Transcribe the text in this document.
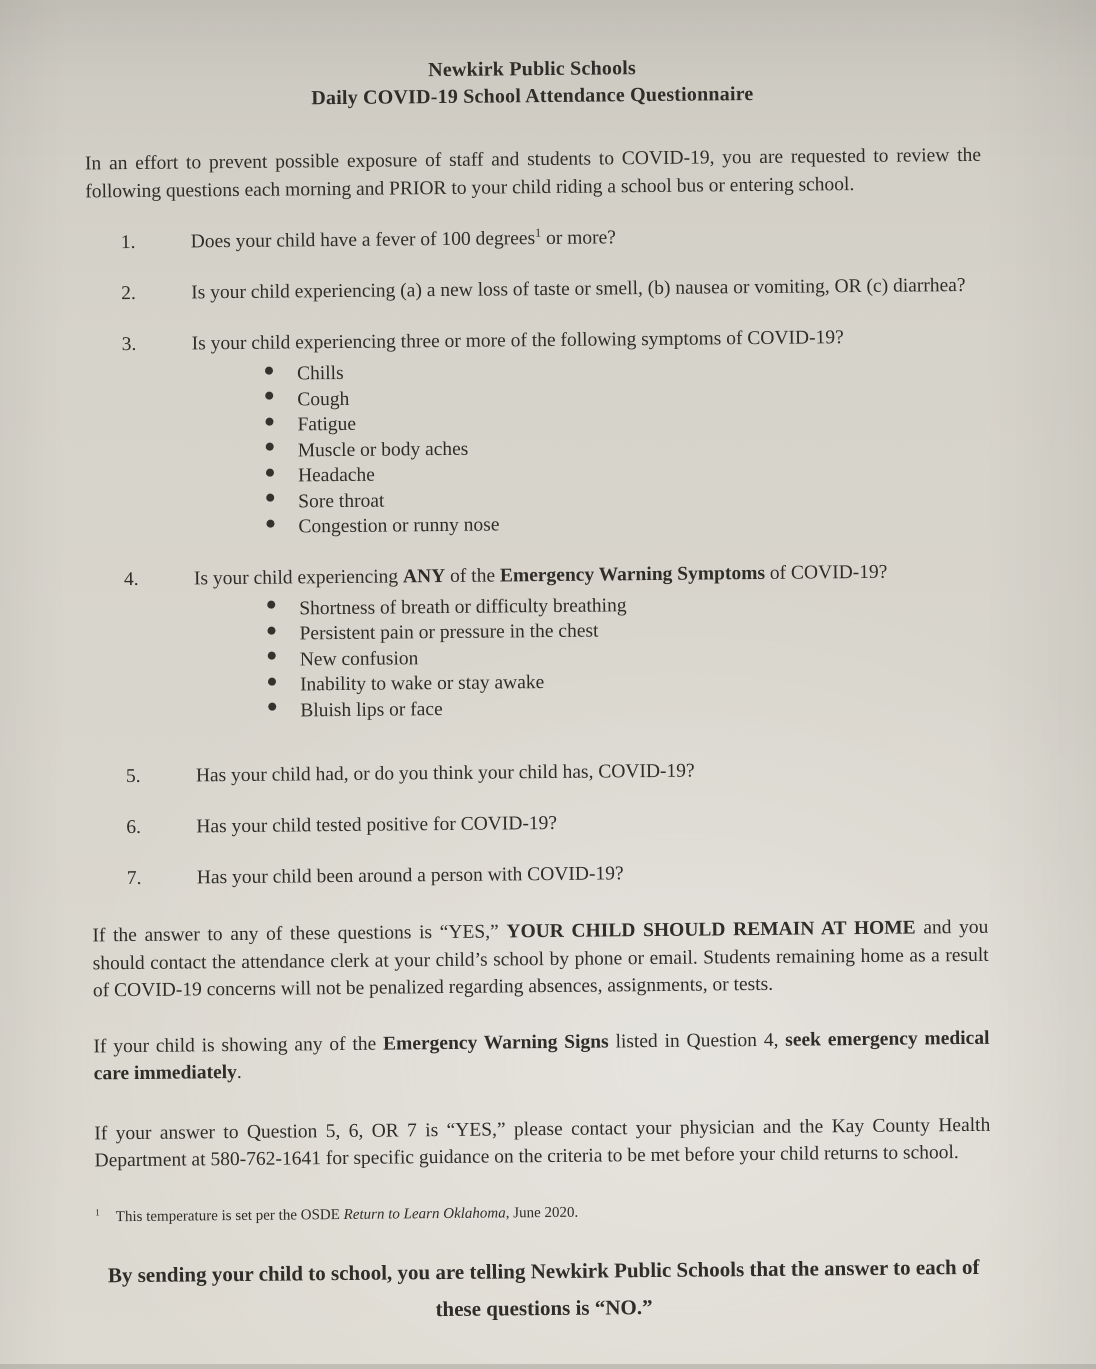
Newkirk Public Schools
Daily COVID-19 School Attendance Questionnaire

In an effort to prevent possible exposure of staff and students to COVID-19, you are requested to review the following questions each morning and PRIOR to your child riding a school bus or entering school.

1.	Does your child have a fever of 100 degrees$^1$ or more?
2.	Is your child experiencing (a) a new loss of taste or smell, (b) nausea or vomiting, OR (c) diarrhea?
3.	Is your child experiencing three or more of the following symptoms of COVID-19?
Chills
Cough
Fatigue
Muscle or body aches
Headache
Sore throat
Congestion or runny nose
4.	Is your child experiencing ANY of the Emergency Warning Symptoms of COVID-19?
Shortness of breath or difficulty breathing
Persistent pain or pressure in the chest
New confusion
Inability to wake or stay awake
Bluish lips or face
5.	Has your child had, or do you think your child has, COVID-19?
6.	Has your child tested positive for COVID-19?
7.	Has your child been around a person with COVID-19?

If the answer to any of these questions is “YES,” YOUR CHILD SHOULD REMAIN AT HOME and you should contact the attendance clerk at your child’s school by phone or email. Students remaining home as a result of COVID-19 concerns will not be penalized regarding absences, assignments, or tests.

If your child is showing any of the Emergency Warning Signs listed in Question 4, seek emergency medical care immediately.

If your answer to Question 5, 6, OR 7 is “YES,” please contact your physician and the Kay County Health Department at 580-762-1641 for specific guidance on the criteria to be met before your child returns to school.

$^1$ This temperature is set per the OSDE Return to Learn Oklahoma, June 2020.

By sending your child to school, you are telling Newkirk Public Schools that the answer to each of these questions is “NO.”
